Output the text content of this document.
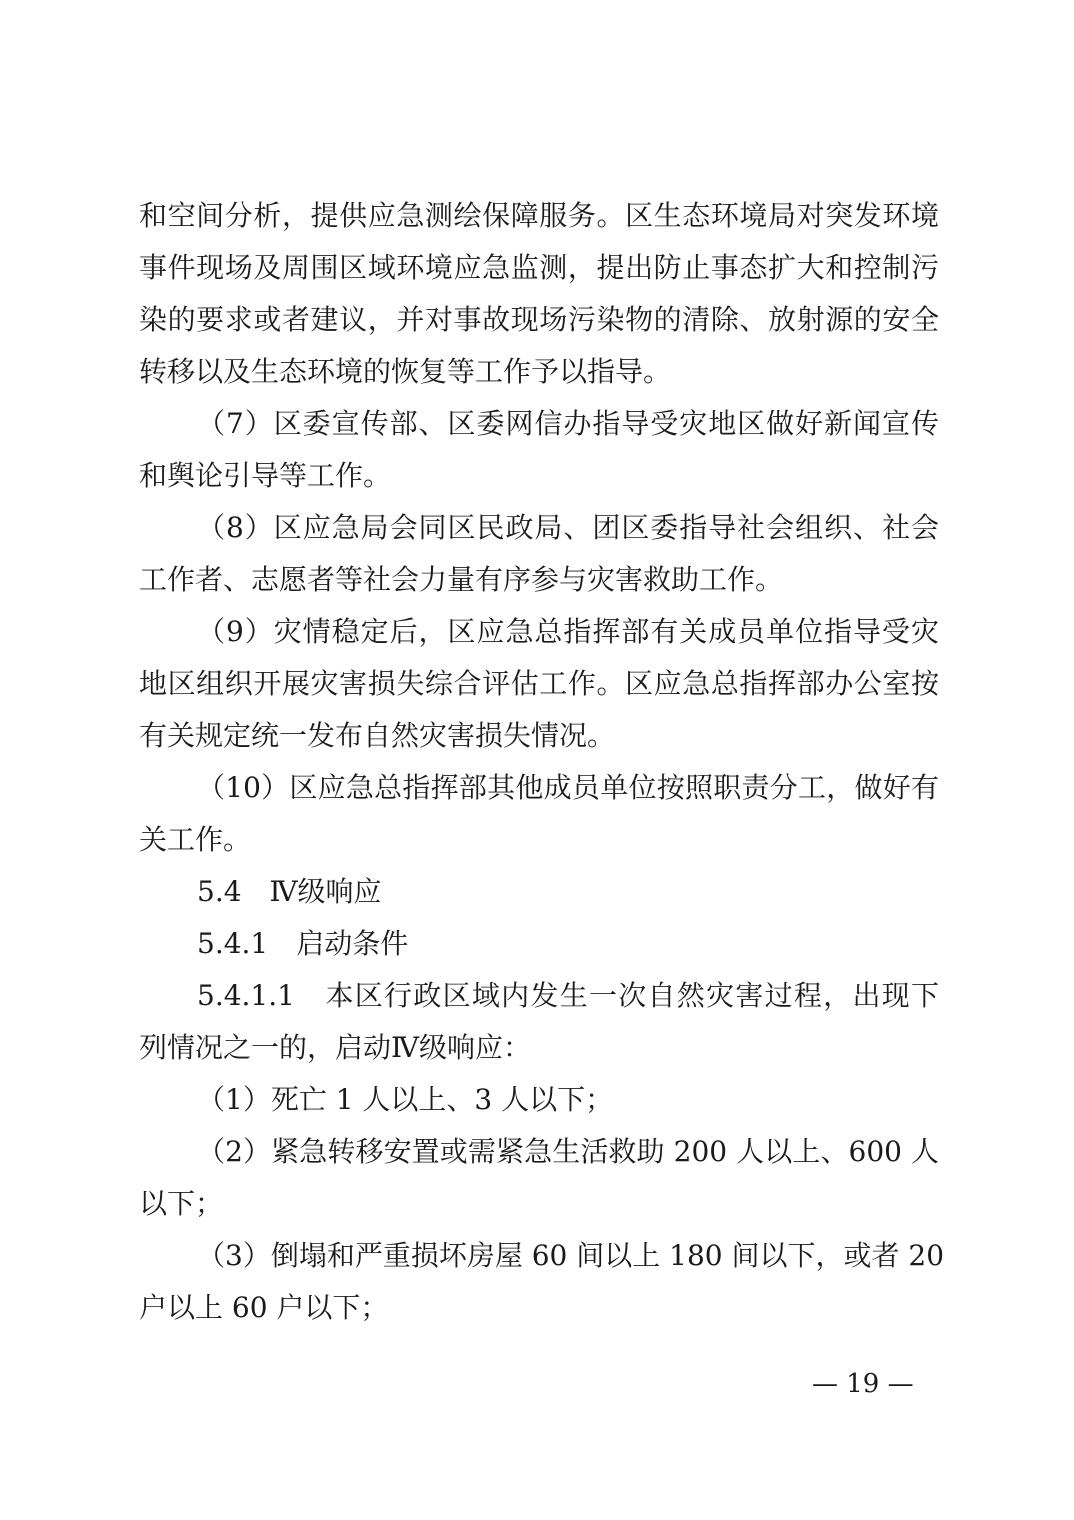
和空间分析，提供应急测绘保障服务。区生态环境局对突发环境
事件现场及周围区域环境应急监测，提出防止事态扩大和控制污
染的要求或者建议，并对事故现场污染物的清除、放射源的安全
转移以及生态环境的恢复等工作予以指导。
（7）区委宣传部、区委网信办指导受灾地区做好新闻宣传
和舆论引导等工作。
（8）区应急局会同区民政局、团区委指导社会组织、社会
工作者、志愿者等社会力量有序参与灾害救助工作。
（9）灾情稳定后，区应急总指挥部有关成员单位指导受灾
地区组织开展灾害损失综合评估工作。区应急总指挥部办公室按
有关规定统一发布自然灾害损失情况。
（10）区应急总指挥部其他成员单位按照职责分工，做好有
关工作。
5.4　Ⅳ级响应
5.4.1　启动条件
5.4.1.1　本区行政区域内发生一次自然灾害过程，出现下
列情况之一的，启动Ⅳ级响应：
（1）死亡 1 人以上、3 人以下；
（2）紧急转移安置或需紧急生活救助 200 人以上、600 人
以下；
（3）倒塌和严重损坏房屋 60 间以上 180 间以下，或者 20
户以上 60 户以下；
— 19 —
